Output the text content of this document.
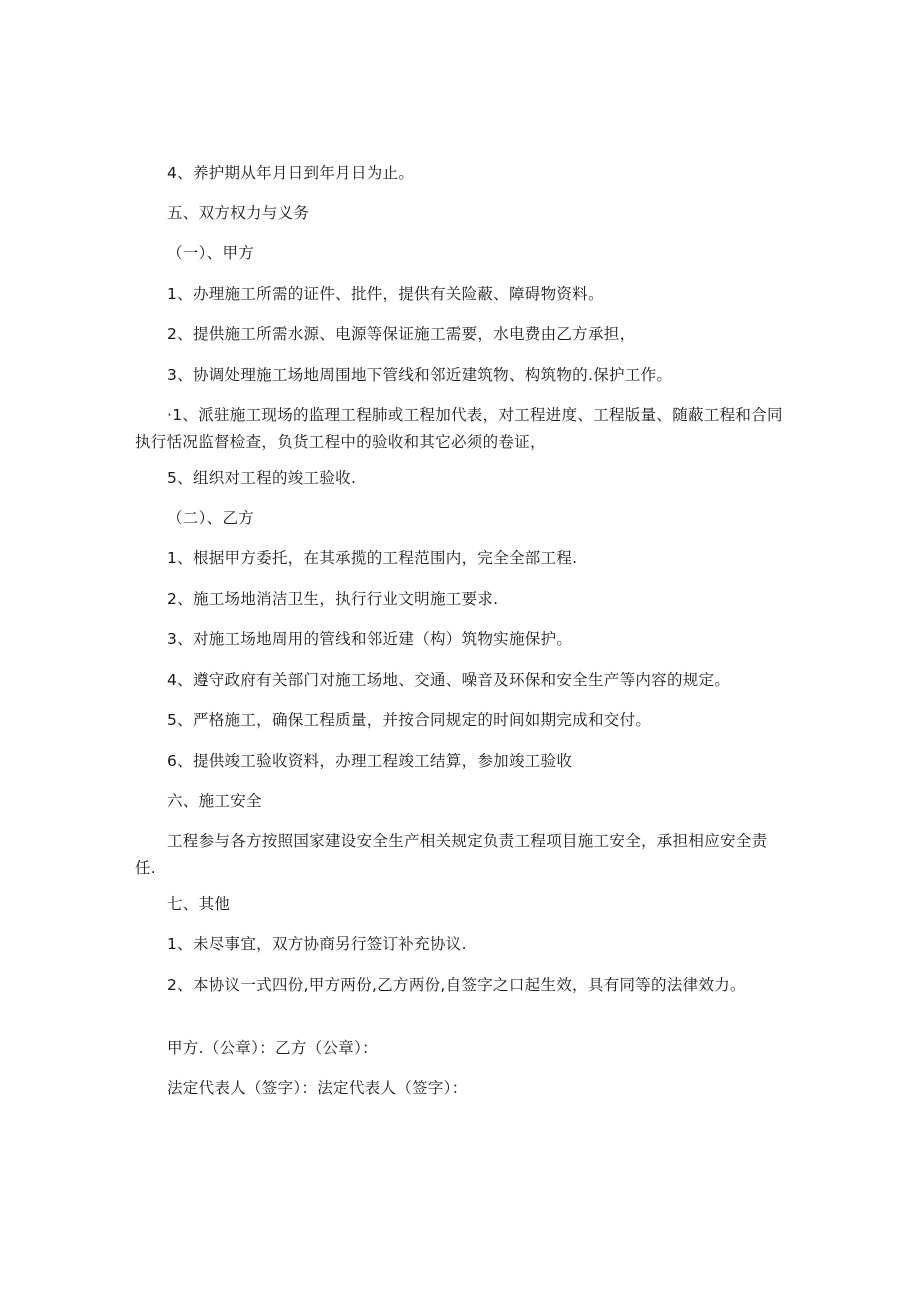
4、养护期从年月日到年月日为止。
五、双方权力与义务
（一）、甲方
1、办理施工所需的证件、批件，提供有关险蔽、障碍物资料。
2、提供施工所需水源、电源等保证施工需要，水电费由乙方承担，
3、协调处理施工场地周围地下管线和邻近建筑物、构筑物的.保护工作。
·1、派驻施工现场的监理工程肺或工程加代表，对工程进度、工程版量、随蔽工程和合同执行恬况监督检查，负货工程中的验收和其它必须的卷证，
5、组织对工程的竣工验收.
（二）、乙方
1、根据甲方委托，在其承揽的工程范围内，完全全部工程.
2、施工场地消洁卫生，执行行业文明施工要求.
3、对施工场地周用的管线和邻近建（构）筑物实施保护。
4、遵守政府有关部门对施工场地、交通、噪音及环保和安全生产等内容的规定。
5、严格施工，确保工程质量，并按合同规定的时间如期完成和交付。
6、提供竣工验收资料，办理工程竣工结算，参加竣工验收
六、施工安全
工程参与各方按照国家建设安全生产相关规定负责工程项目施工安全，承担相应安全责任.
七、其他
1、未尽事宜，双方协商另行签订补充协议.
2、本协议一式四份,甲方两份,乙方两份,自签字之口起生效，具有同等的法律效力。
甲方.（公章）：乙方（公章）：
法定代表人（签字）：法定代表人（签字）：
